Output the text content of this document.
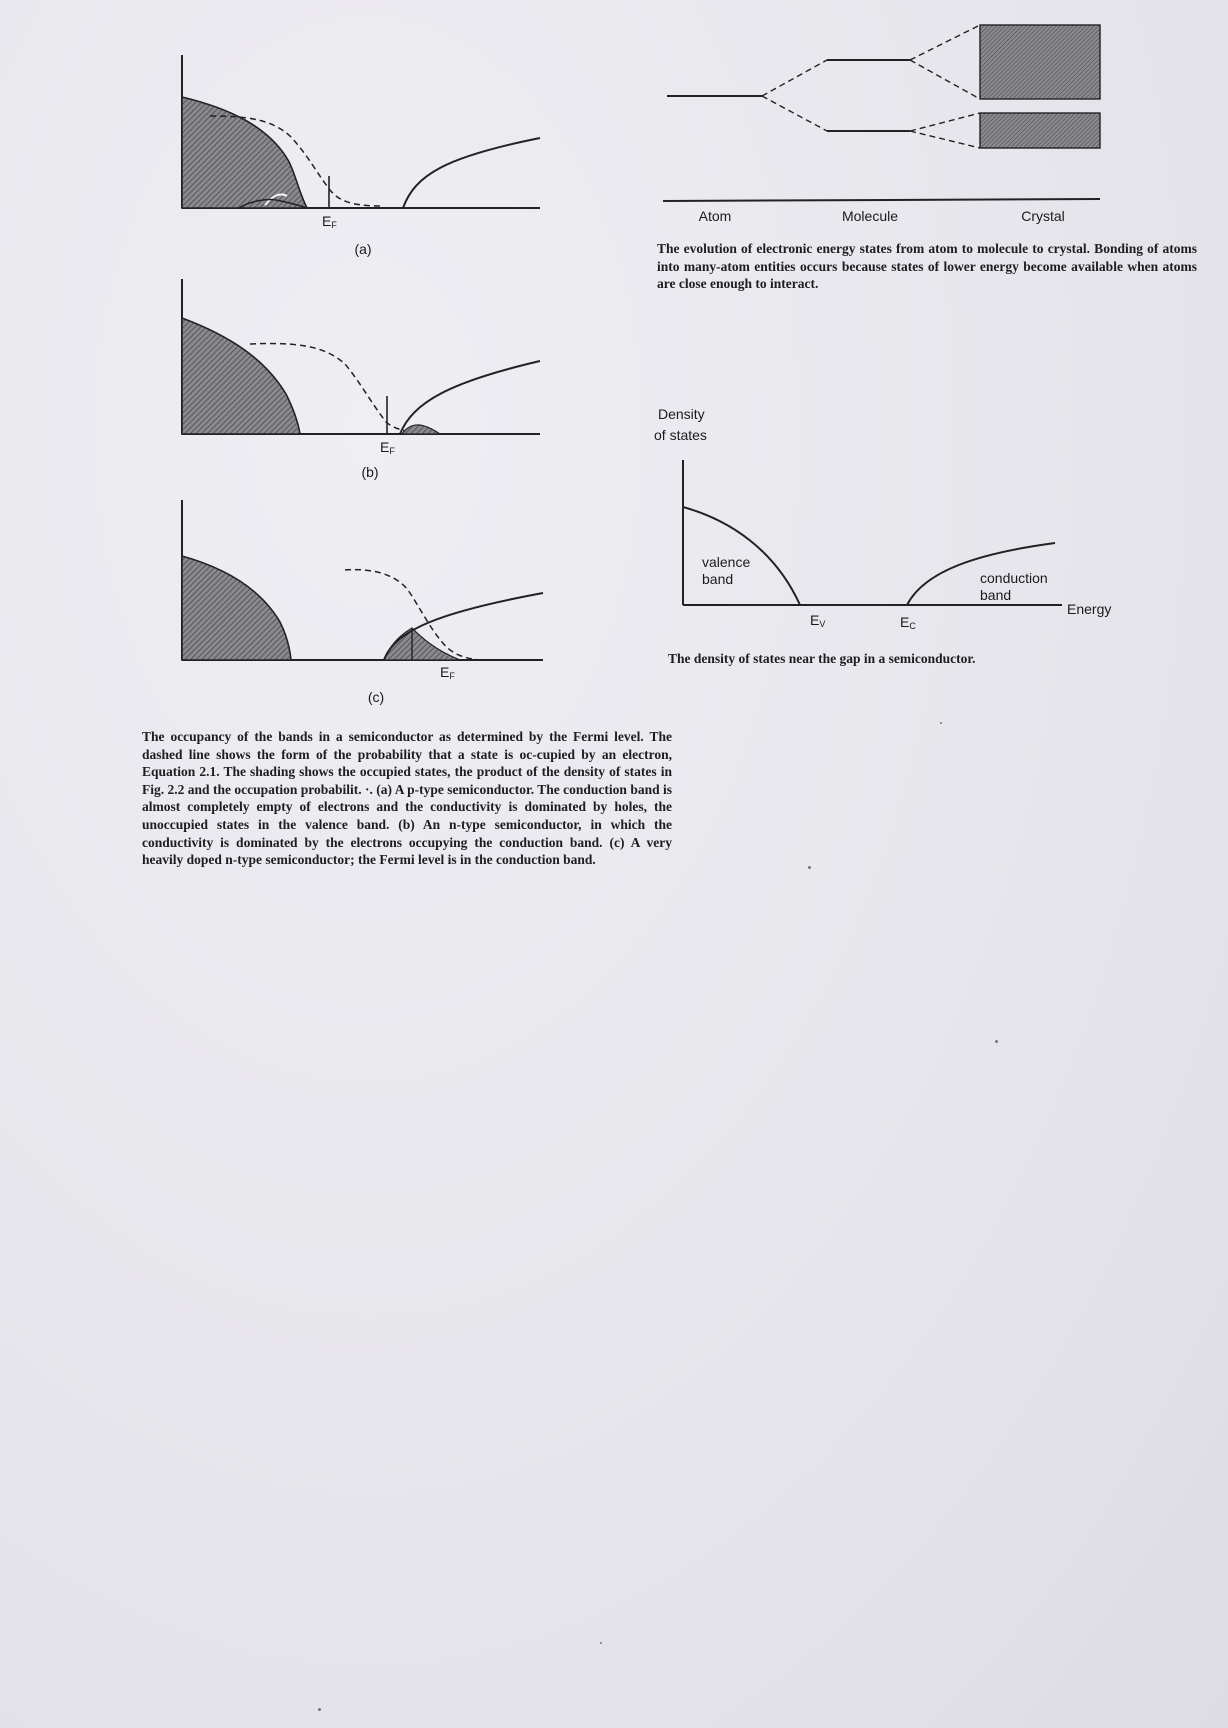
EF
(a)
EF
(b)
EF
(c)

The occupancy of the bands in a semiconductor as determined by the Fermi level. The dashed line shows the form of the probability that a state is oc-cupied by an electron, Equation 2.1. The shading shows the occupied states, the product of the density of states in Fig. 2.2 and the occupation probabilit. ·. (a) A p-type semiconductor. The conduction band is almost completely empty of electrons and the conductivity is dominated by holes, the unoccupied states in the valence band. (b) An n-type semiconductor, in which the conductivity is dominated by the electrons occupying the conduction band. (c) A very heavily doped n-type semiconductor; the Fermi level is in the conduction band.

Atom	Molecule	Crystal

The evolution of electronic energy states from atom to molecule to crystal. Bonding of atoms into many-atom entities occurs because states of lower energy become available when atoms are close enough to interact.

Density
of states
valence
band	conduction
band
Energy
EV	EC

The density of states near the gap in a semiconductor.
